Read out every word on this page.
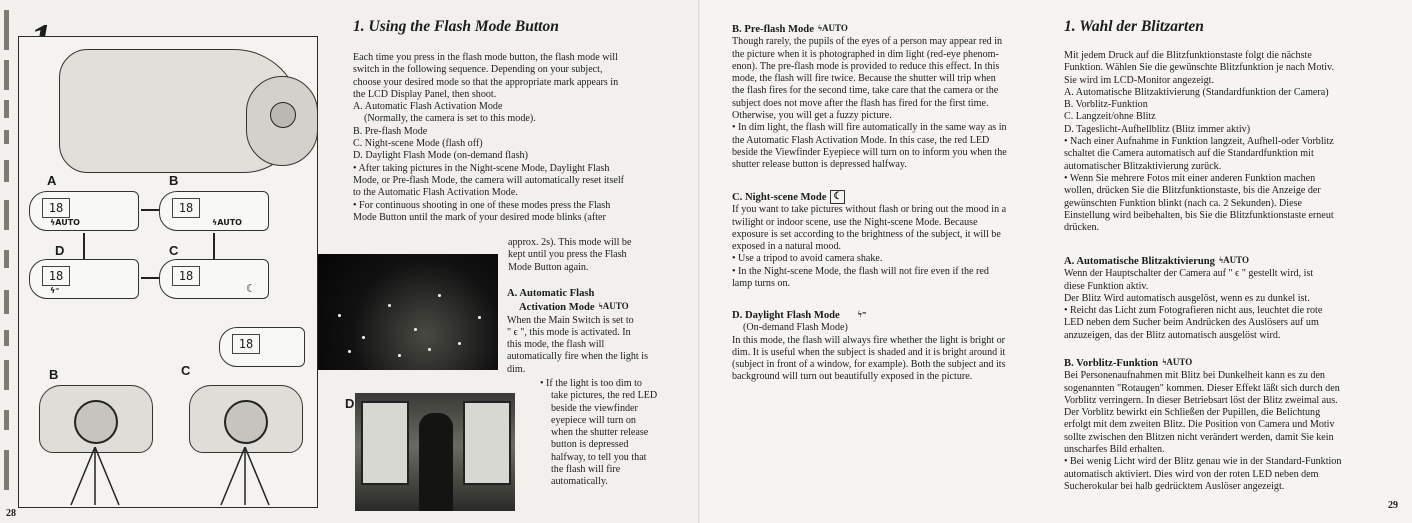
A	B
C
D
18
ϟAUTO
18
ϟAUTO
18
ϟ⁼
18
☾
18
B	C
1. Using the Flash Mode Button

Each time you press in the flash mode button, the flash mode will

switch in the following sequence. Depending on your subject,

choose your desired mode so that the appropriate mark appears in

the LCD Display Panel, then shoot.

A. Automatic Flash Activation Mode

(Normally, the camera is set to this mode).

B. Pre-flash Mode

C. Night-scene Mode (flash off)

D. Daylight Flash Mode (on-demand flash)

• After taking pictures in the Night-scene Mode, Daylight Flash

Mode, or Pre-flash Mode, the camera will automatically reset itself

to the Automatic Flash Activation Mode.

• For continuous shooting in one of these modes press the Flash

Mode Button until the mark of your desired mode blinks (after

approx. 2s). This mode will be

kept until you press the Flash

Mode Button again.

A. Automatic Flash

Activation Mode ϟAUTO

When the Main Switch is set to

" ϵ ", this mode is activated. In

this mode, the flash will

automatically fire when the light is

dim.

• If the light is too dim to

take pictures, the red LED

beside the viewfinder

eyepiece will turn on

when the shutter release

button is depressed

halfway, to tell you that

the flash will fire

automatically.

D
28

B. Pre-flash Mode ϟAUTO

Though rarely, the pupils of the eyes of a person may appear red in

the picture when it is photographed in dim light (red-eye phenom-

enon). The pre-flash mode is provided to reduce this effect. In this

mode, the flash will fire twice. Because the shutter will trip when

the flash fires for the second time, take care that the camera or the

subject does not move after the flash has fired for the first time.

Otherwise, you will get a fuzzy picture.

• In dim light, the flash will fire automatically in the same way as in

the Automatic Flash Activation Mode. In this case, the red LED

beside the Viewfinder Eyepiece will turn on to inform you when the

shutter release button is depressed halfway.

C. Night-scene Mode ☾

If you want to take pictures without flash or bring out the mood in a

twilight or indoor scene, use the Night-scene Mode. Because

exposure is set according to the brightness of the subject, it will be

exposed in a natural mood.

• Use a tripod to avoid camera shake.

• In the Night-scene Mode, the flash will not fire even if the red

lamp turns on.

D. Daylight Flash Mode ϟ⁼

(On-demand Flash Mode)

In this mode, the flash will always fire whether the light is bright or

dim. It is useful when the subject is shaded and it is bright around it

(subject in front of a window, for example). Both the subject and its

background will turn out beautifully exposed in the picture.

1. Wahl der Blitzarten

Mit jedem Druck auf die Blitzfunktionstaste folgt die nächste

Funktion. Wählen Sie die gewünschte Blitzfunktion je nach Motiv.

Sie wird im LCD-Monitor angezeigt.

A. Automatische Blitzaktivierung (Standardfunktion der Camera)

B. Vorblitz-Funktion

C. Langzeit/ohne Blitz

D. Tageslicht-Aufhellblitz (Blitz immer aktiv)

• Nach einer Aufnahme in Funktion langzeit, Aufhell-oder Vorblitz

schaltet die Camera automatisch auf die Standardfunktion mit

automatischer Blitzaktivierung zurück.

• Wenn Sie mehrere Fotos mit einer anderen Funktion machen

wollen, drücken Sie die Blitzfunktionstaste, bis die Anzeige der

gewünschten Funktion blinkt (nach ca. 2 Sekunden). Diese

Einstellung wird beibehalten, bis Sie die Blitzfunktionstaste erneut

drücken.

A. Automatische Blitzaktivierung ϟAUTO

Wenn der Hauptschalter der Camera auf " ϵ " gestellt wird, ist

diese Funktion aktiv.

Der Blitz Wird automatisch ausgelöst, wenn es zu dunkel ist.

• Reicht das Licht zum Fotografieren nicht aus, leuchtet die rote

LED neben dem Sucher beim Andrücken des Auslösers auf um

anzuzeigen, das der Blitz automatisch ausgelöst wird.

B. Vorblitz-Funktion ϟAUTO

Bei Personenaufnahmen mit Blitz bei Dunkelheit kann es zu den

sogenannten "Rotaugen" kommen. Dieser Effekt läßt sich durch den

Vorblitz verringern. In dieser Betriebsart löst der Blitz zweimal aus.

Der Vorblitz bewirkt ein Schließen der Pupillen, die Belichtung

erfolgt mit dem zweiten Blitz. Die Position von Camera und Motiv

sollte zwischen den Blitzen nicht verändert werden, damit Sie kein

unscharfes Bild erhalten.

• Bei wenig Licht wird der Blitz genau wie in der Standard-Funktion

automatisch aktiviert. Dies wird von der roten LED neben dem

Sucherokular bei halb gedrücktem Auslöser angezeigt.

29
